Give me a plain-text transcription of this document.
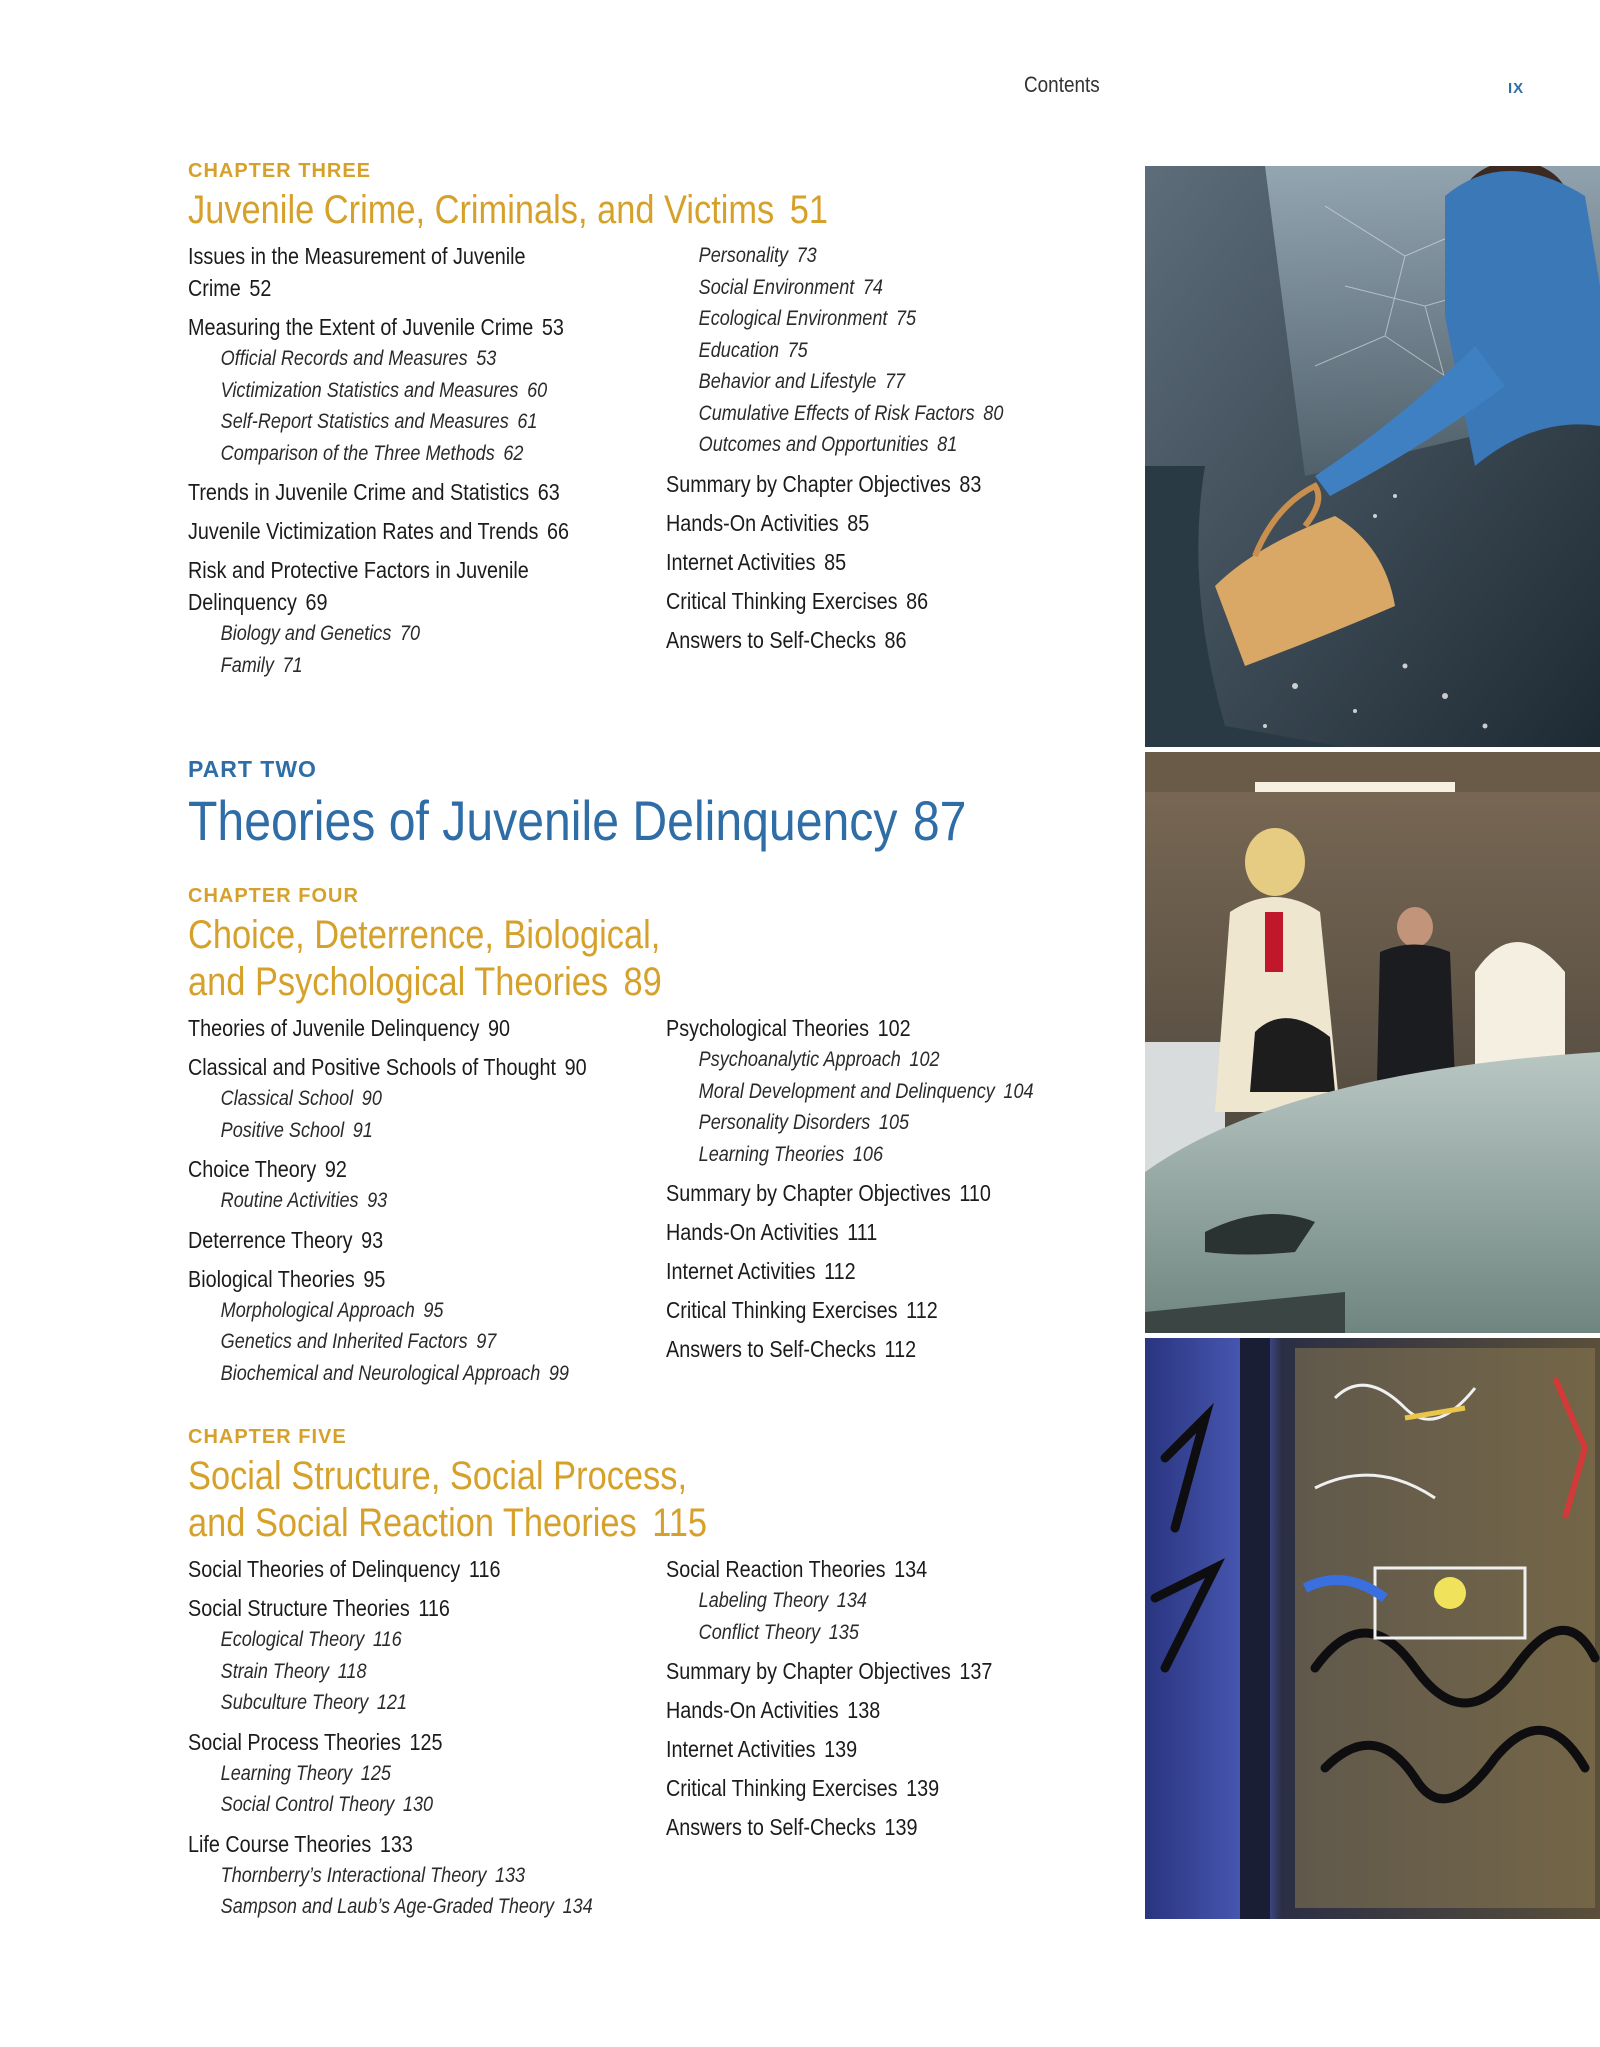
Contents	IX
CHAPTER THREE
Juvenile Crime, Criminals, and Victims 51
Issues in the Measurement of Juvenile
Crime 52
Measuring the Extent of Juvenile Crime 53
Official Records and Measures 53
Victimization Statistics and Measures 60
Self-Report Statistics and Measures 61
Comparison of the Three Methods 62
Trends in Juvenile Crime and Statistics 63
Juvenile Victimization Rates and Trends 66
Risk and Protective Factors in Juvenile
Delinquency 69
Biology and Genetics 70
Family 71
Personality 73
Social Environment 74
Ecological Environment 75
Education 75
Behavior and Lifestyle 77
Cumulative Effects of Risk Factors 80
Outcomes and Opportunities 81
Summary by Chapter Objectives 83
Hands-On Activities 85
Internet Activities 85
Critical Thinking Exercises 86
Answers to Self-Checks 86
PART TWO
Theories of Juvenile Delinquency 87
CHAPTER FOUR
Choice, Deterrence, Biological,
and Psychological Theories 89
Theories of Juvenile Delinquency 90
Classical and Positive Schools of Thought 90
Classical School 90
Positive School 91
Choice Theory 92
Routine Activities 93
Deterrence Theory 93
Biological Theories 95
Morphological Approach 95
Genetics and Inherited Factors 97
Biochemical and Neurological Approach 99
Psychological Theories 102
Psychoanalytic Approach 102
Moral Development and Delinquency 104
Personality Disorders 105
Learning Theories 106
Summary by Chapter Objectives 110
Hands-On Activities 111
Internet Activities 112
Critical Thinking Exercises 112
Answers to Self-Checks 112
CHAPTER FIVE
Social Structure, Social Process,
and Social Reaction Theories 115
Social Theories of Delinquency 116
Social Structure Theories 116
Ecological Theory 116
Strain Theory 118
Subculture Theory 121
Social Process Theories 125
Learning Theory 125
Social Control Theory 130
Life Course Theories 133
Thornberry’s Interactional Theory 133
Sampson and Laub’s Age-Graded Theory 134
Social Reaction Theories 134
Labeling Theory 134
Conflict Theory 135
Summary by Chapter Objectives 137
Hands-On Activities 138
Internet Activities 139
Critical Thinking Exercises 139
Answers to Self-Checks 139
